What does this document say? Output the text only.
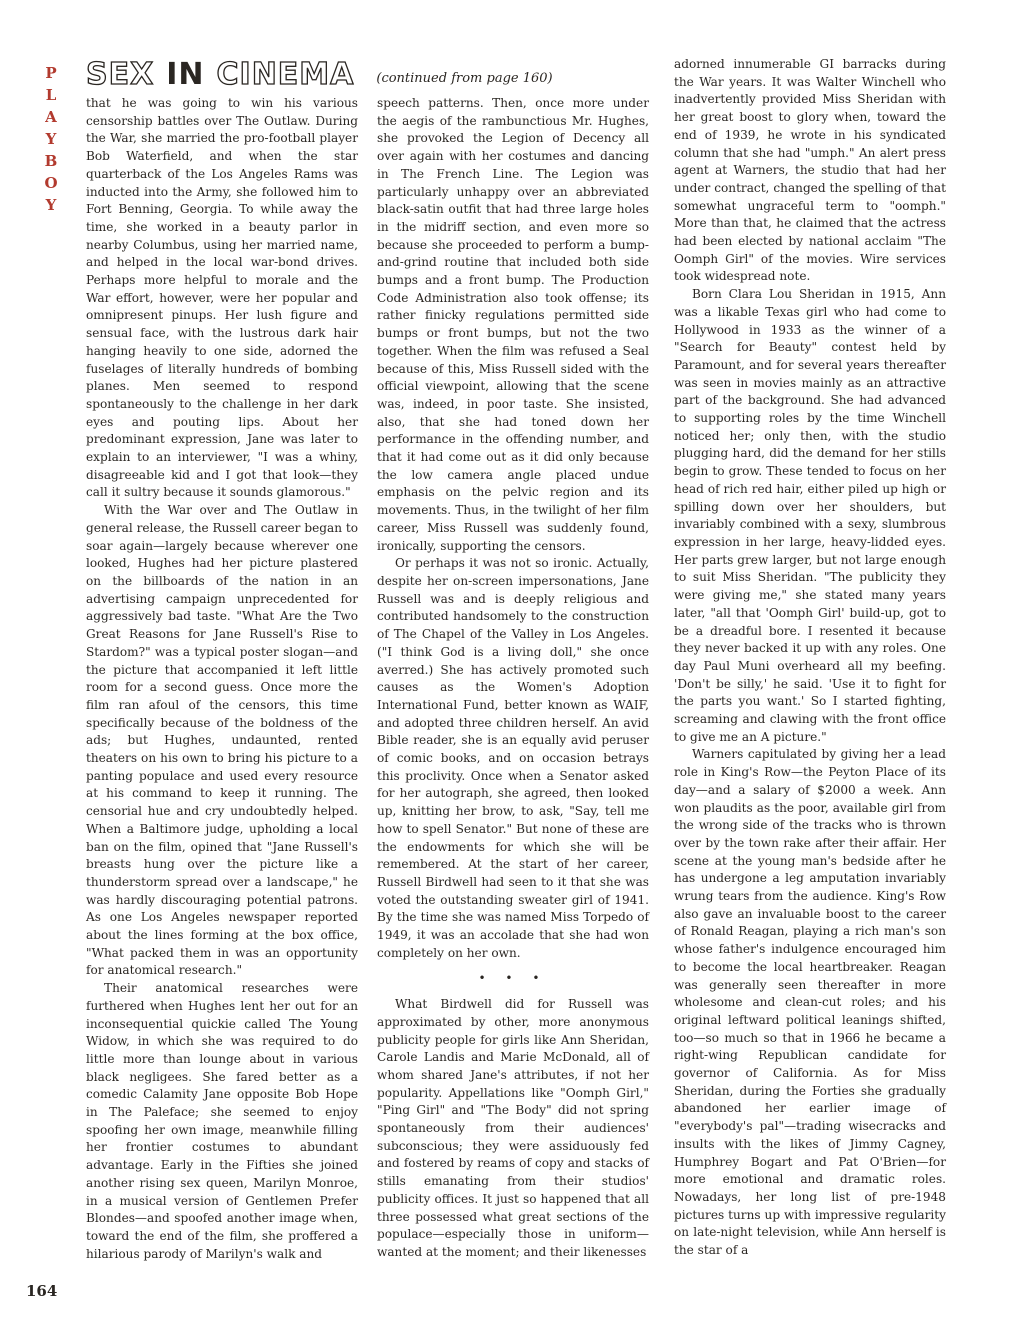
P
L
A
Y
B
O
Y
SEX IN CINEMA (continued from page 160)

that he was going to win his various censorship battles over The Outlaw. During the War, she married the pro-football player Bob Waterfield, and when the star quarterback of the Los Angeles Rams was inducted into the Army, she followed him to Fort Benning, Georgia. To while away the time, she worked in a beauty parlor in nearby Columbus, using her married name, and helped in the local war-bond drives. Perhaps more helpful to morale and the War effort, however, were her popular and omnipresent pinups. Her lush figure and sensual face, with the lustrous dark hair hanging heavily to one side, adorned the fuselages of literally hundreds of bombing planes. Men seemed to respond spontaneously to the challenge in her dark eyes and pouting lips. About her predominant expression, Jane was later to explain to an interviewer, "I was a whiny, disagreeable kid and I got that look—they call it sultry because it sounds glamorous."

With the War over and The Outlaw in general release, the Russell career began to soar again—largely because wherever one looked, Hughes had her picture plastered on the billboards of the nation in an advertising campaign unprecedented for aggressively bad taste. "What Are the Two Great Reasons for Jane Russell's Rise to Stardom?" was a typical poster slogan—and the picture that accompanied it left little room for a second guess. Once more the film ran afoul of the censors, this time specifically because of the boldness of the ads; but Hughes, undaunted, rented theaters on his own to bring his picture to a panting populace and used every resource at his command to keep it running. The censorial hue and cry undoubtedly helped. When a Baltimore judge, upholding a local ban on the film, opined that "Jane Russell's breasts hung over the picture like a thunderstorm spread over a landscape," he was hardly discouraging potential patrons. As one Los Angeles newspaper reported about the lines forming at the box office, "What packed them in was an opportunity for anatomical research."

Their anatomical researches were furthered when Hughes lent her out for an inconsequential quickie called The Young Widow, in which she was required to do little more than lounge about in various black negligees. She fared better as a comedic Calamity Jane opposite Bob Hope in The Paleface; she seemed to enjoy spoofing her own image, meanwhile filling her frontier costumes to abundant advantage. Early in the Fifties she joined another rising sex queen, Marilyn Monroe, in a musical version of Gentlemen Prefer Blondes—and spoofed another image when, toward the end of the film, she proffered a hilarious parody of Marilyn's walk and

speech patterns. Then, once more under the aegis of the rambunctious Mr. Hughes, she provoked the Legion of Decency all over again with her costumes and dancing in The French Line. The Legion was particularly unhappy over an abbreviated black-satin outfit that had three large holes in the midriff section, and even more so because she proceeded to perform a bump-and-grind routine that included both side bumps and a front bump. The Production Code Administration also took offense; its rather finicky regulations permitted side bumps or front bumps, but not the two together. When the film was refused a Seal because of this, Miss Russell sided with the official viewpoint, allowing that the scene was, indeed, in poor taste. She insisted, also, that she had toned down her performance in the offending number, and that it had come out as it did only because the low camera angle placed undue emphasis on the pelvic region and its movements. Thus, in the twilight of her film career, Miss Russell was suddenly found, ironically, supporting the censors.

Or perhaps it was not so ironic. Actually, despite her on-screen impersonations, Jane Russell was and is deeply religious and contributed handsomely to the construction of The Chapel of the Valley in Los Angeles. ("I think God is a living doll," she once averred.) She has actively promoted such causes as the Women's Adoption International Fund, better known as WAIF, and adopted three children herself. An avid Bible reader, she is an equally avid peruser of comic books, and on occasion betrays this proclivity. Once when a Senator asked for her autograph, she agreed, then looked up, knitting her brow, to ask, "Say, tell me how to spell Senator." But none of these are the endowments for which she will be remembered. At the start of her career, Russell Birdwell had seen to it that she was voted the outstanding sweater girl of 1941. By the time she was named Miss Torpedo of 1949, it was an accolade that she had won completely on her own.

• • •

What Birdwell did for Russell was approximated by other, more anonymous publicity people for girls like Ann Sheridan, Carole Landis and Marie McDonald, all of whom shared Jane's attributes, if not her popularity. Appellations like "Oomph Girl," "Ping Girl" and "The Body" did not spring spontaneously from their audiences' subconscious; they were assiduously fed and fostered by reams of copy and stacks of stills emanating from their studios' publicity offices. It just so happened that all three possessed what great sections of the populace—especially those in uniform—wanted at the moment; and their likenesses

adorned innumerable GI barracks during the War years. It was Walter Winchell who inadvertently provided Miss Sheridan with her great boost to glory when, toward the end of 1939, he wrote in his syndicated column that she had "umph." An alert press agent at Warners, the studio that had her under contract, changed the spelling of that somewhat ungraceful term to "oomph." More than that, he claimed that the actress had been elected by national acclaim "The Oomph Girl" of the movies. Wire services took widespread note.

Born Clara Lou Sheridan in 1915, Ann was a likable Texas girl who had come to Hollywood in 1933 as the winner of a "Search for Beauty" contest held by Paramount, and for several years thereafter was seen in movies mainly as an attractive part of the background. She had advanced to supporting roles by the time Winchell noticed her; only then, with the studio plugging hard, did the demand for her stills begin to grow. These tended to focus on her head of rich red hair, either piled up high or spilling down over her shoulders, but invariably combined with a sexy, slumbrous expression in her large, heavy-lidded eyes. Her parts grew larger, but not large enough to suit Miss Sheridan. "The publicity they were giving me," she stated many years later, "all that 'Oomph Girl' build-up, got to be a dreadful bore. I resented it because they never backed it up with any roles. One day Paul Muni overheard all my beefing. 'Don't be silly,' he said. 'Use it to fight for the parts you want.' So I started fighting, screaming and clawing with the front office to give me an A picture."

Warners capitulated by giving her a lead role in King's Row—the Peyton Place of its day—and a salary of $2000 a week. Ann won plaudits as the poor, available girl from the wrong side of the tracks who is thrown over by the town rake after their affair. Her scene at the young man's bedside after he has undergone a leg amputation invariably wrung tears from the audience. King's Row also gave an invaluable boost to the career of Ronald Reagan, playing a rich man's son whose father's indulgence encouraged him to become the local heartbreaker. Reagan was generally seen thereafter in more wholesome and clean-cut roles; and his original leftward political leanings shifted, too—so much so that in 1966 he became a right-wing Republican candidate for governor of California. As for Miss Sheridan, during the Forties she gradually abandoned her earlier image of "everybody's pal"—trading wisecracks and insults with the likes of Jimmy Cagney, Humphrey Bogart and Pat O'Brien—for more emotional and dramatic roles. Nowadays, her long list of pre-1948 pictures turns up with impressive regularity on late-night television, while Ann herself is the star of a

164
